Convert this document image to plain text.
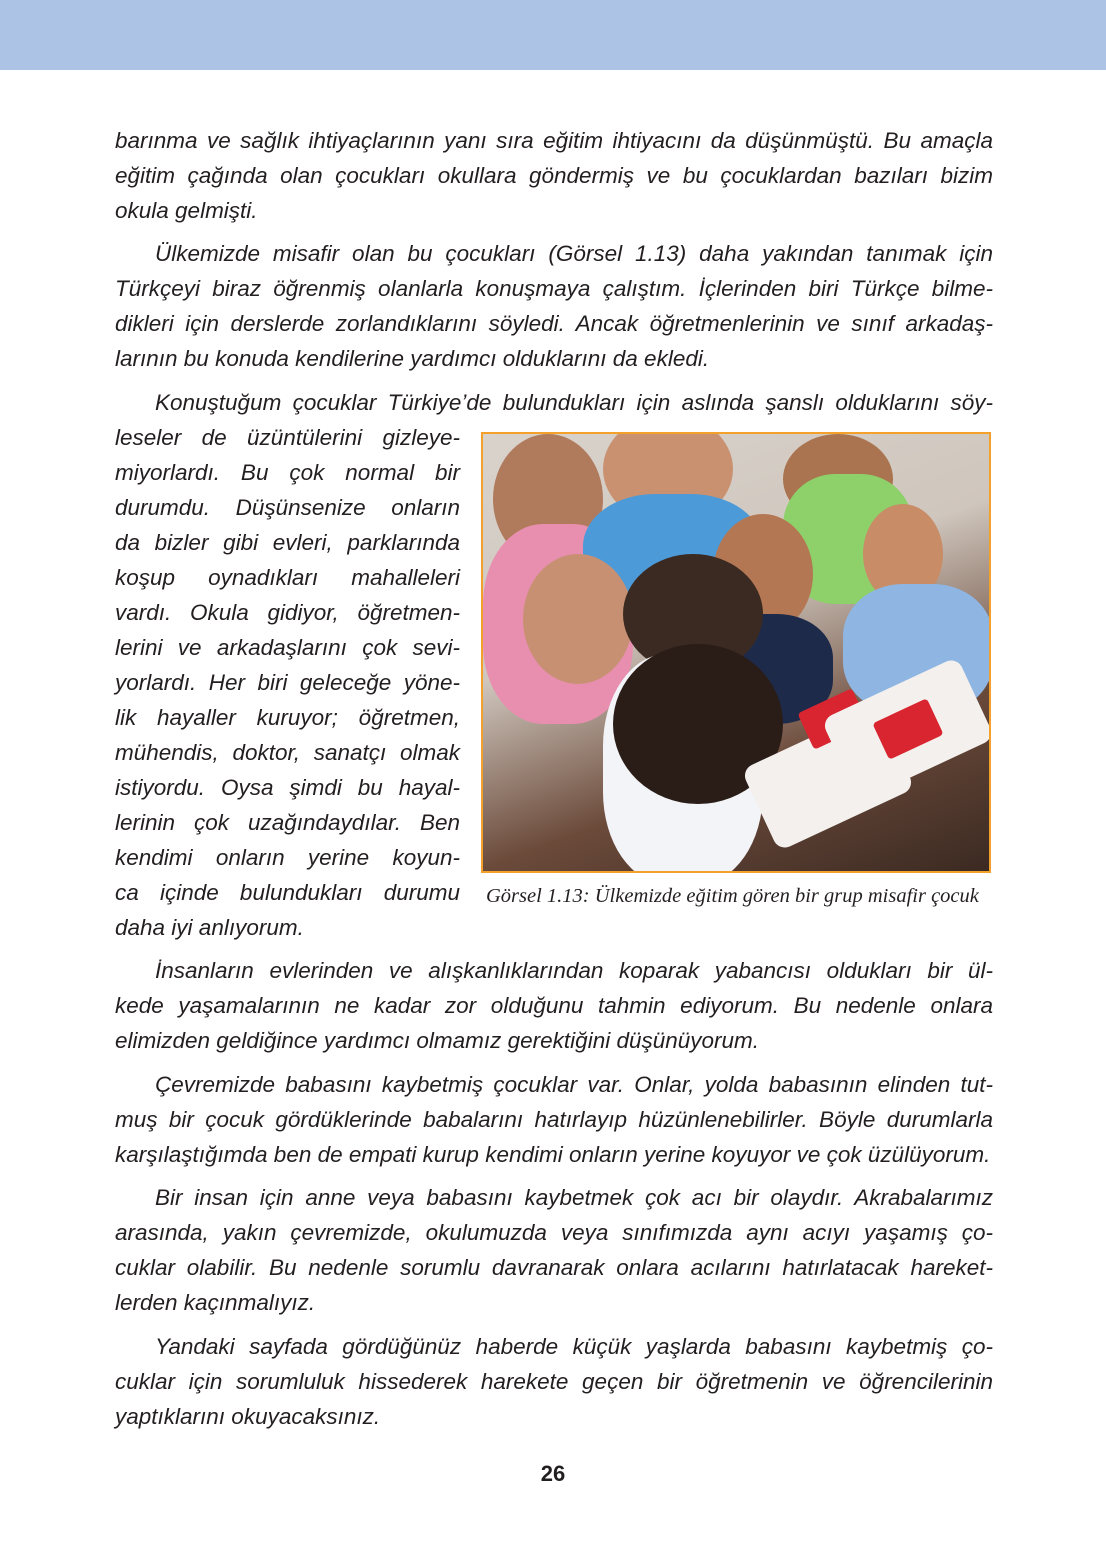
barınma ve sağlık ihtiyaçlarının yanı sıra eğitim ihtiyacını da düşünmüştü. Bu amaçla
eğitim çağında olan çocukları okullara göndermiş ve bu çocuklardan bazıları bizim
okula gelmişti.
Ülkemizde misafir olan bu çocukları (Görsel 1.13) daha yakından tanımak için
Türkçeyi biraz öğrenmiş olanlarla konuşmaya çalıştım. İçlerinden biri Türkçe bilme-
dikleri için derslerde zorlandıklarını söyledi. Ancak öğretmenlerinin ve sınıf arkadaş-
larının bu konuda kendilerine yardımcı olduklarını da ekledi.
Konuştuğum çocuklar Türkiye’de bulundukları için aslında şanslı olduklarını söy-
leseler de üzüntülerini gizleye-
miyorlardı. Bu çok normal bir
durumdu. Düşünsenize onların
da bizler gibi evleri, parklarında
koşup oynadıkları mahalleleri
vardı. Okula gidiyor, öğretmen-
lerini ve arkadaşlarını çok sevi-
yorlardı. Her biri geleceğe yöne-
lik hayaller kuruyor; öğretmen,
mühendis, doktor, sanatçı olmak
istiyordu. Oysa şimdi bu hayal-
lerinin çok uzağındaydılar. Ben
kendimi onların yerine koyun-
ca içinde bulundukları durumu
daha iyi anlıyorum.
Görsel 1.13: Ülkemizde eğitim gören bir grup misafir çocuk
İnsanların evlerinden ve alışkanlıklarından koparak yabancısı oldukları bir ül-
kede yaşamalarının ne kadar zor olduğunu tahmin ediyorum. Bu nedenle onlara
elimizden geldiğince yardımcı olmamız gerektiğini düşünüyorum.
Çevremizde babasını kaybetmiş çocuklar var. Onlar, yolda babasının elinden tut-
muş bir çocuk gördüklerinde babalarını hatırlayıp hüzünlenebilirler. Böyle durumlarla
karşılaştığımda ben de empati kurup kendimi onların yerine koyuyor ve çok üzülüyorum.
Bir insan için anne veya babasını kaybetmek çok acı bir olaydır. Akrabalarımız
arasında, yakın çevremizde, okulumuzda veya sınıfımızda aynı acıyı yaşamış ço-
cuklar olabilir. Bu nedenle sorumlu davranarak onlara acılarını hatırlatacak hareket-
lerden kaçınmalıyız.
Yandaki sayfada gördüğünüz haberde küçük yaşlarda babasını kaybetmiş ço-
cuklar için sorumluluk hissederek harekete geçen bir öğretmenin ve öğrencilerinin
yaptıklarını okuyacaksınız.
26
